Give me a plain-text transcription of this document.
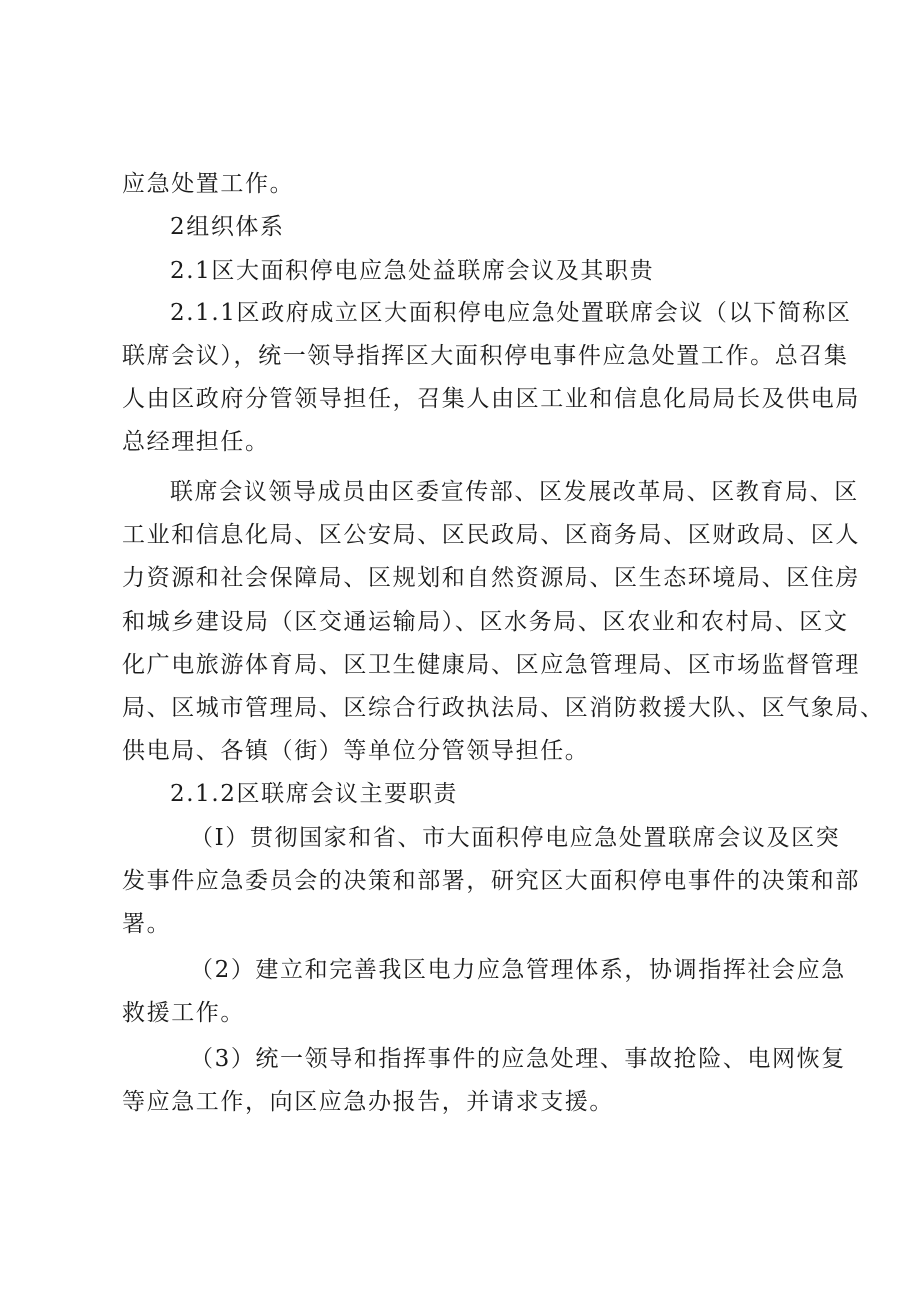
应急处置工作。
2组织体系
2.1区大面积停电应急处益联席会议及其职贵
2.1.1区政府成立区大面积停电应急处置联席会议（以下简称区
联席会议），统一领导指挥区大面积停电事件应急处置工作。总召集
人由区政府分管领导担任，召集人由区工业和信息化局局长及供电局
总经理担任。
联席会议领导成员由区委宣传部、区发展改革局、区教育局、区
工业和信息化局、区公安局、区民政局、区商务局、区财政局、区人
力资源和社会保障局、区规划和自然资源局、区生态环境局、区住房
和城乡建设局（区交通运输局）、区水务局、区农业和农村局、区文
化广电旅游体育局、区卫生健康局、区应急管理局、区市场监督管理
局、区城市管理局、区综合行政执法局、区消防救援大队、区气象局、
供电局、各镇（街）等单位分管领导担任。
2.1.2区联席会议主要职责
（I）贯彻国家和省、市大面积停电应急处置联席会议及区突
发事件应急委员会的决策和部署，研究区大面积停电事件的决策和部
署。
（2）建立和完善我区电力应急管理体系，协调指挥社会应急
救援工作。
（3）统一领导和指挥事件的应急处理、事故抢险、电网恢复
等应急工作，向区应急办报告，并请求支援。
